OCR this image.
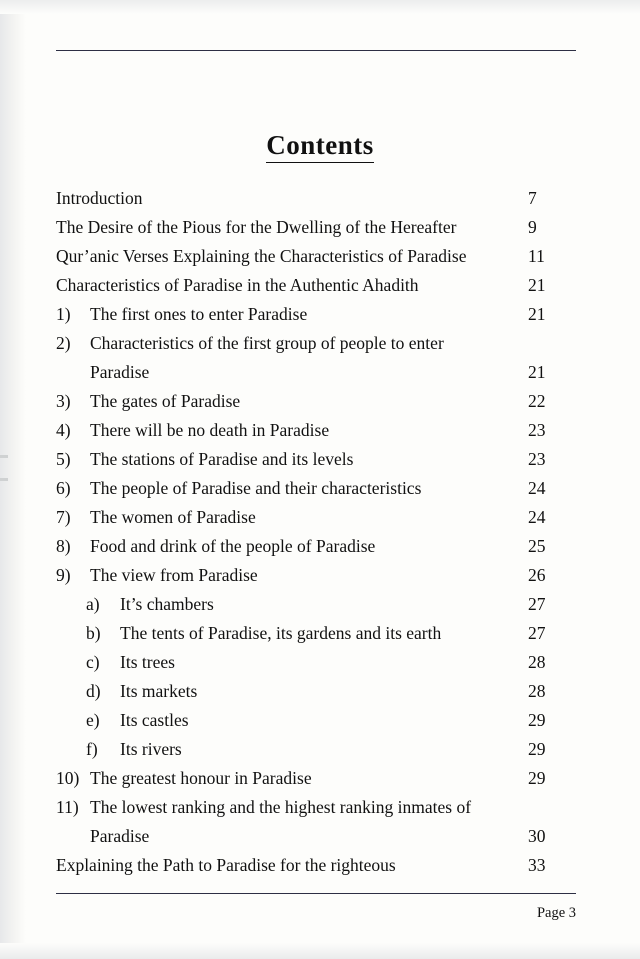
Contents
Introduction	7
The Desire of the Pious for the Dwelling of the Hereafter	9
Qur’anic Verses Explaining the Characteristics of Paradise	11
Characteristics of Paradise in the Authentic Ahadith	21
1)	The first ones to enter Paradise	21
2)	Characteristics of the first group of people to enter
Paradise	21
3)	The gates of Paradise	22
4)	There will be no death in Paradise	23
5)	The stations of Paradise and its levels	23
6)	The people of Paradise and their characteristics	24
7)	The women of Paradise	24
8)	Food and drink of the people of Paradise	25
9)	The view from Paradise	26
a)	It’s chambers	27
b)	The tents of Paradise, its gardens and its earth	27
c)	Its trees	28
d)	Its markets	28
e)	Its castles	29
f)	Its rivers	29
10) The greatest honour in Paradise	29
11) The lowest ranking and the highest ranking inmates of
Paradise	30
Explaining the Path to Paradise for the righteous	33
Page 3
